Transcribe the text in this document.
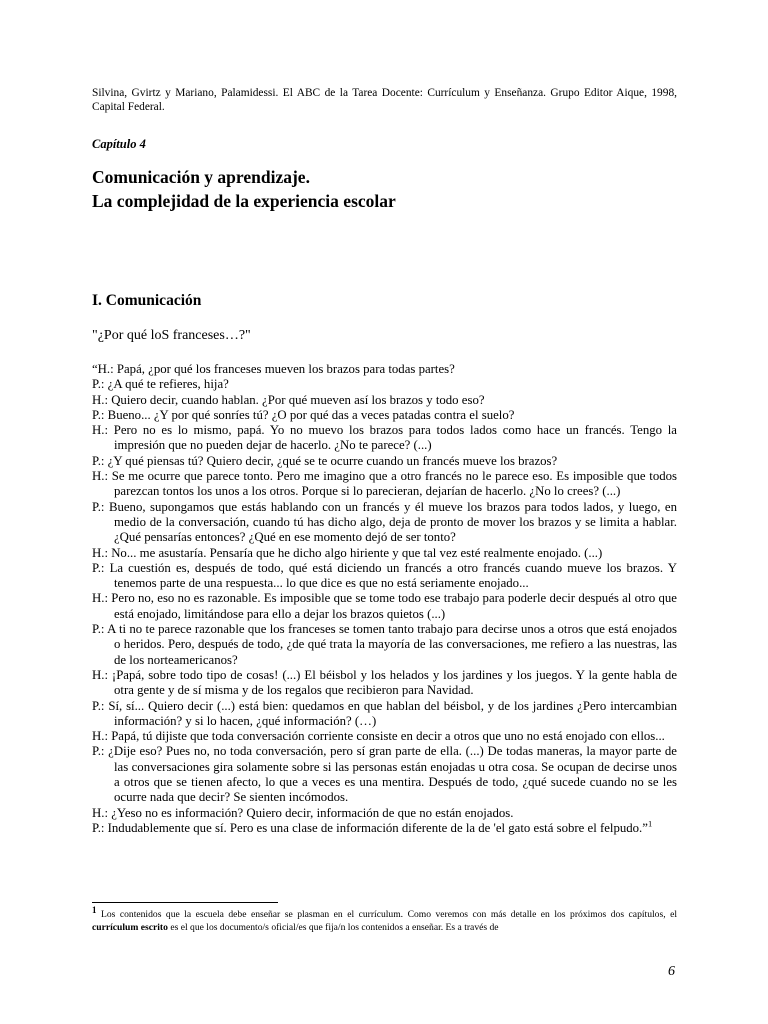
Silvina, Gvirtz y Mariano, Palamidessi. El ABC de la Tarea Docente: Currículum y Enseñanza. Grupo Editor Aique, 1998, Capital Federal.
Capítulo 4
Comunicación y aprendizaje.
La complejidad de la experiencia escolar
I. Comunicación
"¿Por qué loS franceses…?"

“H.: Papá, ¿por qué los franceses mueven los brazos para todas partes?

P.: ¿A qué te refieres, hija?

H.: Quiero decir, cuando hablan. ¿Por qué mueven así los brazos y todo eso?

P.: Bueno... ¿Y por qué sonríes tú? ¿O por qué das a veces patadas contra el suelo?

H.: Pero no es lo mismo, papá. Yo no muevo los brazos para todos lados como hace un francés. Tengo la impresión que no pueden dejar de hacerlo. ¿No te parece? (...)

P.: ¿Y qué piensas tú? Quiero decir, ¿qué se te ocurre cuando un francés mueve los brazos?

H.: Se me ocurre que parece tonto. Pero me imagino que a otro francés no le parece eso. Es imposible que todos parezcan tontos los unos a los otros. Porque si lo parecieran, dejarían de hacerlo. ¿No lo crees? (...)

P.: Bueno, supongamos que estás hablando con un francés y él mueve los brazos para todos lados, y luego, en medio de la conversación, cuando tú has dicho algo, deja de pronto de mover los brazos y se limita a hablar. ¿Qué pensarías entonces? ¿Qué en ese momento dejó de ser tonto?

H.: No... me asustaría. Pensaría que he dicho algo hiriente y que tal vez esté realmente enojado. (...)

P.: La cuestión es, después de todo, qué está diciendo un francés a otro francés cuando mueve los brazos. Y tenemos parte de una respuesta... lo que dice es que no está seriamente enojado...

H.: Pero no, eso no es razonable. Es imposible que se tome todo ese trabajo para poderle decir después al otro que está enojado, limitándose para ello a dejar los brazos quietos (...)

P.: A ti no te parece razonable que los franceses se tomen tanto trabajo para decirse unos a otros que está enojados o heridos. Pero, después de todo, ¿de qué trata la mayoría de las conversaciones, me refiero a las nuestras, las de los norteamericanos?

H.: ¡Papá, sobre todo tipo de cosas! (...) El béisbol y los helados y los jardines y los juegos. Y la gente habla de otra gente y de sí misma y de los regalos que recibieron para Navidad.

P.: Sí, sí... Quiero decir (...) está bien: quedamos en que hablan del béisbol, y de los jardines ¿Pero intercambian información? y si lo hacen, ¿qué información? (…)

H.: Papá, tú dijiste que toda conversación corriente consiste en decir a otros que uno no está enojado con ellos...

P.: ¿Dije eso? Pues no, no toda conversación, pero sí gran parte de ella. (...) De todas maneras, la mayor parte de las conversaciones gira solamente sobre si las personas están enojadas u otra cosa. Se ocupan de decirse unos a otros que se tienen afecto, lo que a veces es una mentira. Después de todo, ¿qué sucede cuando no se les ocurre nada que decir? Se sienten incómodos.

H.: ¿Yeso no es información? Quiero decir, información de que no están enojados.

P.: Indudablemente que sí. Pero es una clase de información diferente de la de 'el gato está sobre el felpudo.”$^1$

$^1$ Los contenidos que la escuela debe enseñar se plasman en el currículum. Como veremos con más detalle en los próximos dos capítulos, el currículum escrito es el que los documento/s oficial/es que fija/n los contenidos a enseñar. Es a través de
6
